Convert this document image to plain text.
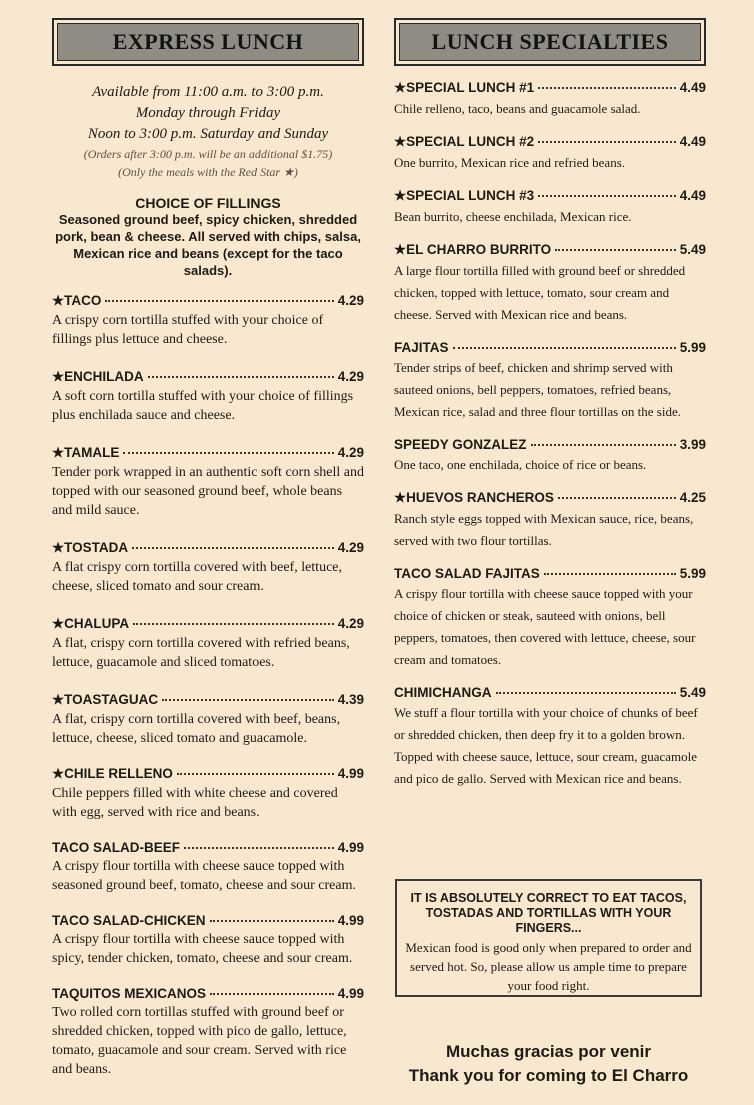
EXPRESS LUNCH
Available from 11:00 a.m. to 3:00 p.m.
Monday through Friday
Noon to 3:00 p.m. Saturday and Sunday
(Orders after 3:00 p.m. will be an additional $1.75)
(Only the meals with the Red Star ★)
CHOICE OF FILLINGS
Seasoned ground beef, spicy chicken, shredded pork, bean & cheese. All served with chips, salsa, Mexican rice and beans (except for the taco salads).
★TACO	4.29
A crispy corn tortilla stuffed with your choice of fillings plus lettuce and cheese.
★ENCHILADA	4.29
A soft corn tortilla stuffed with your choice of fillings plus enchilada sauce and cheese.
★TAMALE	4.29
Tender pork wrapped in an authentic soft corn shell and topped with our seasoned ground beef, whole beans and mild sauce.
★TOSTADA	4.29
A flat crispy corn tortilla covered with beef, lettuce, cheese, sliced tomato and sour cream.
★CHALUPA	4.29
A flat, crispy corn tortilla covered with refried beans, lettuce, guacamole and sliced tomatoes.
★TOASTAGUAC	4.39
A flat, crispy corn tortilla covered with beef, beans, lettuce, cheese, sliced tomato and guacamole.
★CHILE RELLENO	4.99
Chile peppers filled with white cheese and covered with egg, served with rice and beans.
TACO SALAD-BEEF	4.99
A crispy flour tortilla with cheese sauce topped with seasoned ground beef, tomato, cheese and sour cream.
TACO SALAD-CHICKEN	4.99
A crispy flour tortilla with cheese sauce topped with spicy, tender chicken, tomato, cheese and sour cream.
TAQUITOS MEXICANOS	4.99
Two rolled corn tortillas stuffed with ground beef or shredded chicken, topped with pico de gallo, lettuce, tomato, guacamole and sour cream. Served with rice and beans.
LUNCH SPECIALTIES
★SPECIAL LUNCH #1	4.49
Chile relleno, taco, beans and guacamole salad.
★SPECIAL LUNCH #2	4.49
One burrito, Mexican rice and refried beans.
★SPECIAL LUNCH #3	4.49
Bean burrito, cheese enchilada, Mexican rice.
★EL CHARRO BURRITO	5.49
A large flour tortilla filled with ground beef or shredded chicken, topped with lettuce, tomato, sour cream and cheese. Served with Mexican rice and beans.
FAJITAS	5.99
Tender strips of beef, chicken and shrimp served with sauteed onions, bell peppers, tomatoes, refried beans, Mexican rice, salad and three flour tortillas on the side.
SPEEDY GONZALEZ	3.99
One taco, one enchilada, choice of rice or beans.
★HUEVOS RANCHEROS	4.25
Ranch style eggs topped with Mexican sauce, rice, beans, served with two flour tortillas.
TACO SALAD FAJITAS	5.99
A crispy flour tortilla with cheese sauce topped with your choice of chicken or steak, sauteed with onions, bell peppers, tomatoes, then covered with lettuce, cheese, sour cream and tomatoes.
CHIMICHANGA	5.49
We stuff a flour tortilla with your choice of chunks of beef or shredded chicken, then deep fry it to a golden brown. Topped with cheese sauce, lettuce, sour cream, guacamole and pico de gallo. Served with Mexican rice and beans.
IT IS ABSOLUTELY CORRECT TO EAT TACOS, TOSTADAS AND TORTILLAS WITH YOUR FINGERS...
Mexican food is good only when prepared to order and served hot. So, please allow us ample time to prepare your food right.
Muchas gracias por venir
Thank you for coming to El Charro
